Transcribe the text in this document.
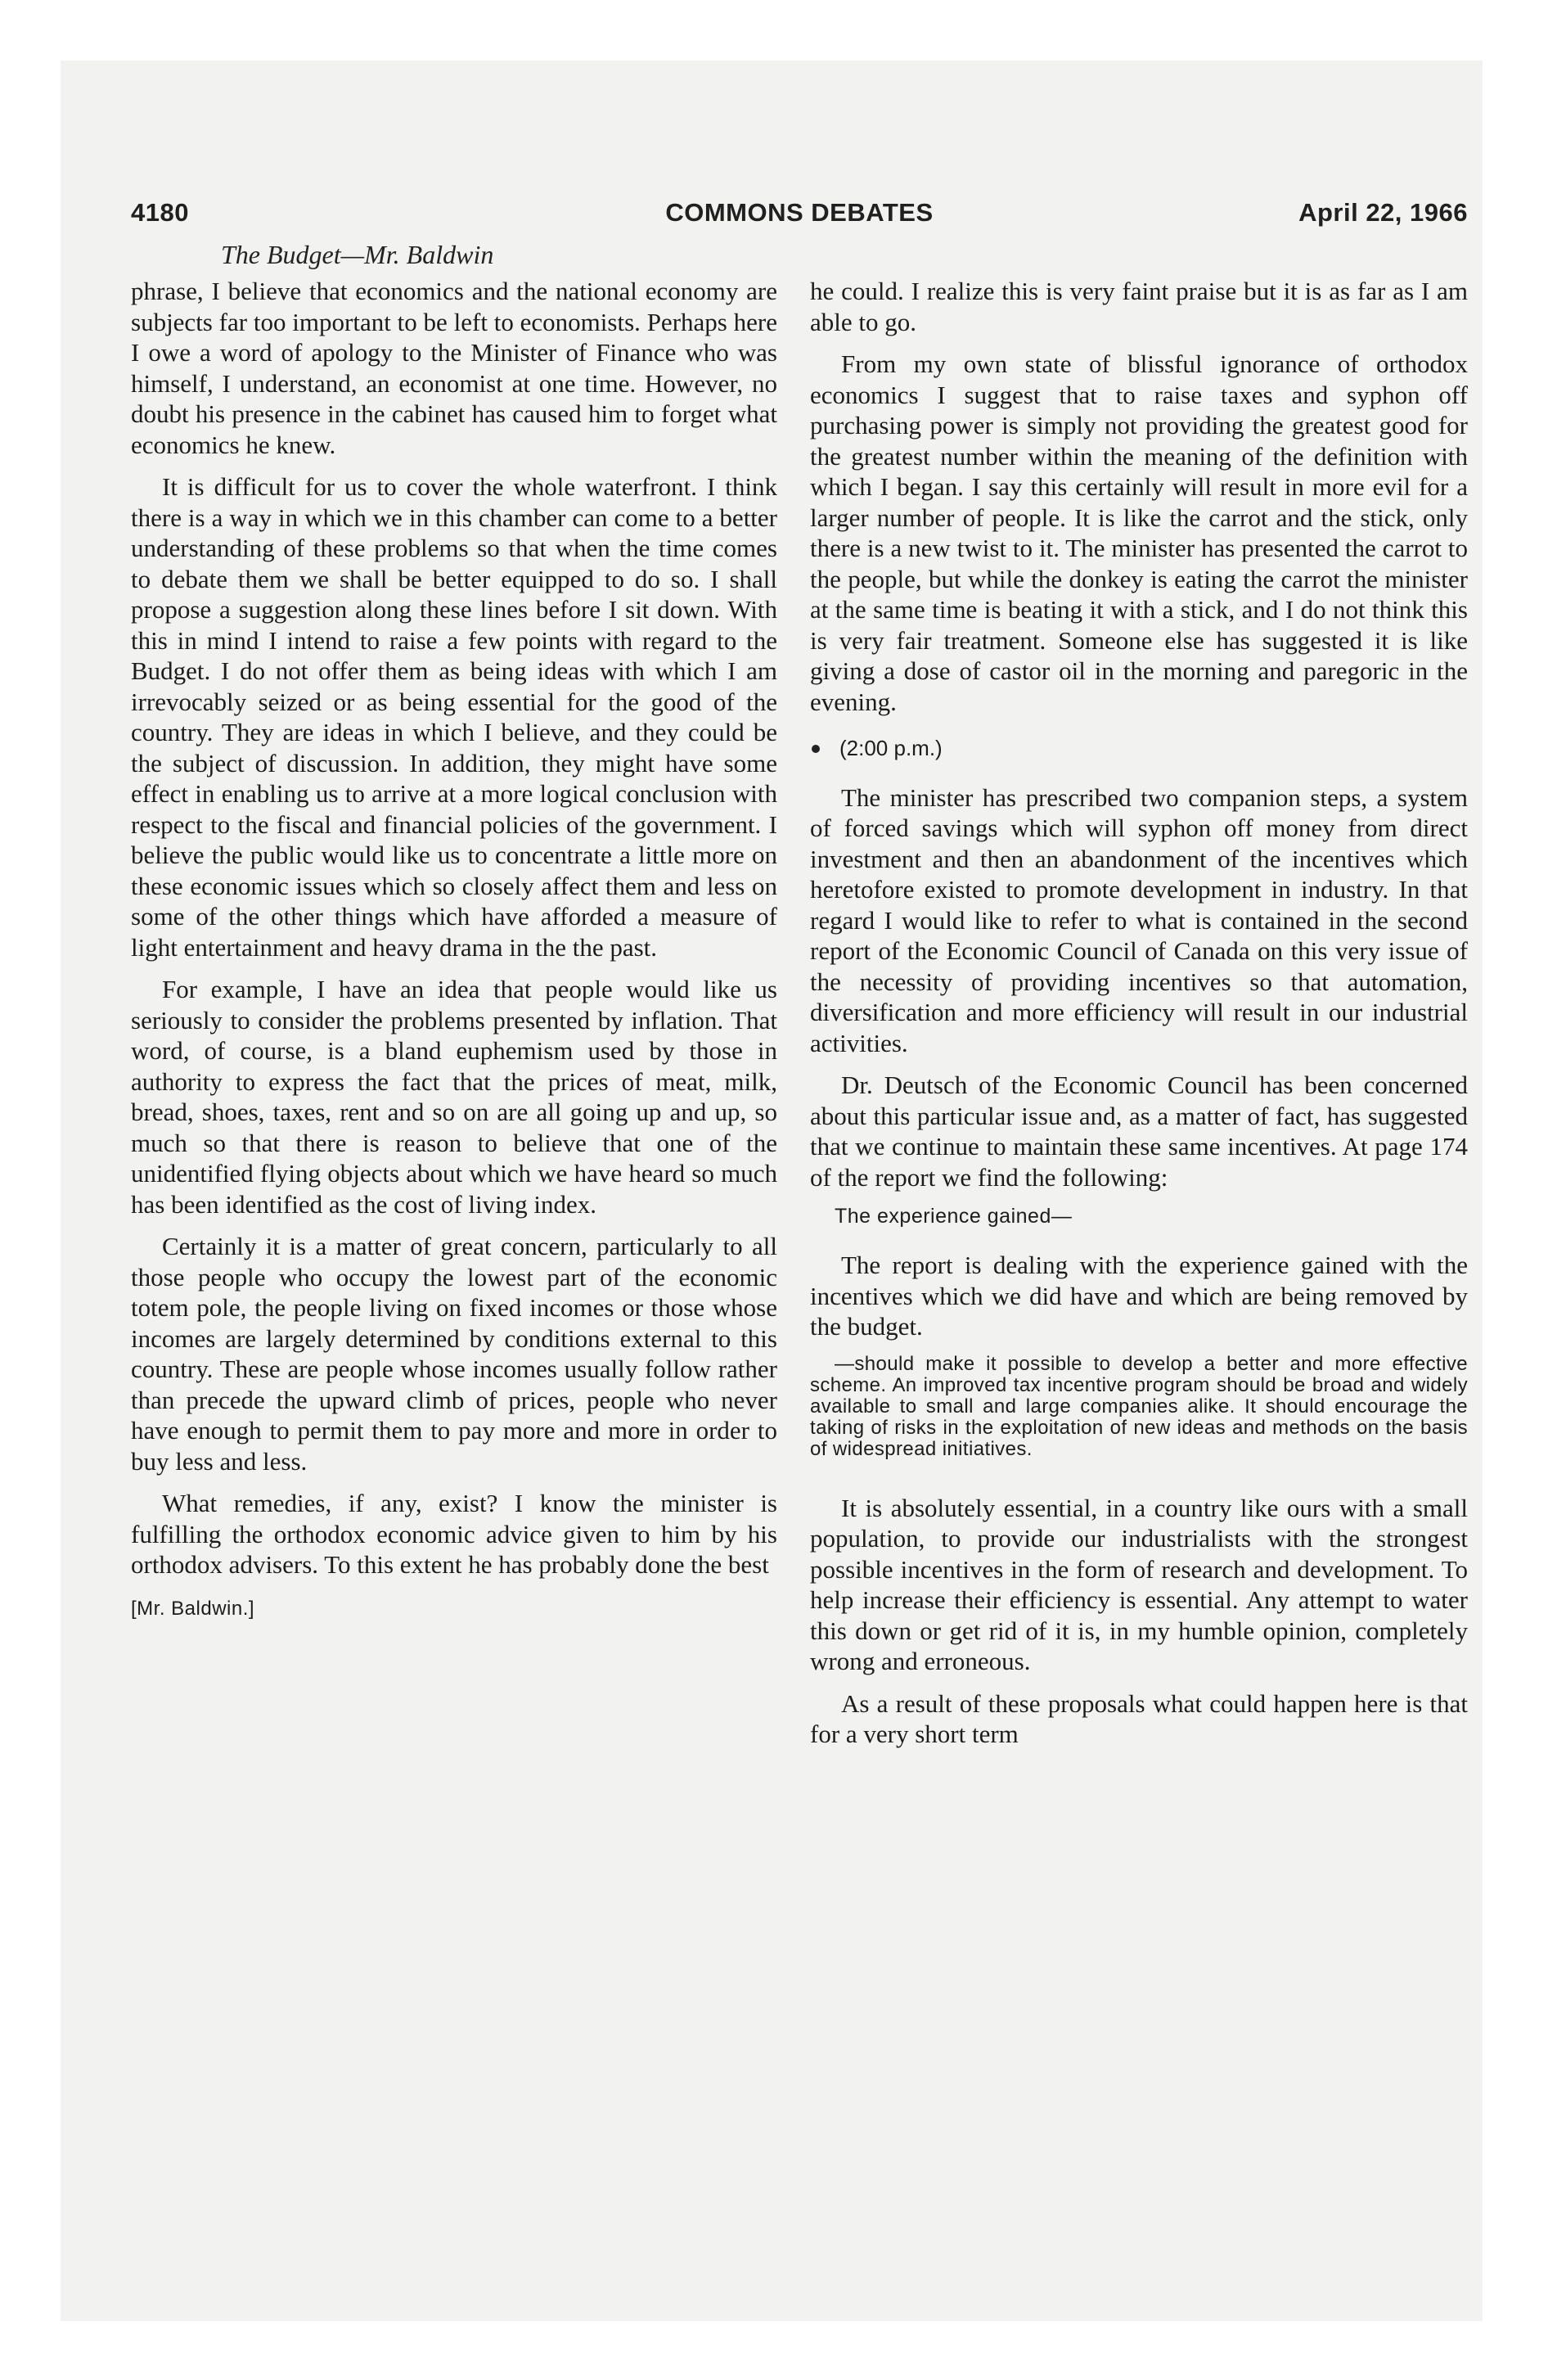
4180	COMMONS DEBATES	April 22, 1966
The Budget—Mr. Baldwin

phrase, I believe that economics and the national economy are subjects far too important to be left to economists. Perhaps here I owe a word of apology to the Minister of Finance who was himself, I understand, an economist at one time. However, no doubt his presence in the cabinet has caused him to forget what economics he knew.

It is difficult for us to cover the whole waterfront. I think there is a way in which we in this chamber can come to a better understanding of these problems so that when the time comes to debate them we shall be better equipped to do so. I shall propose a suggestion along these lines before I sit down. With this in mind I intend to raise a few points with regard to the Budget. I do not offer them as being ideas with which I am irrevocably seized or as being essential for the good of the country. They are ideas in which I believe, and they could be the subject of discussion. In addition, they might have some effect in enabling us to arrive at a more logical conclusion with respect to the fiscal and financial policies of the government. I believe the public would like us to concentrate a little more on these economic issues which so closely affect them and less on some of the other things which have afforded a measure of light entertainment and heavy drama in the the past.

For example, I have an idea that people would like us seriously to consider the problems presented by inflation. That word, of course, is a bland euphemism used by those in authority to express the fact that the prices of meat, milk, bread, shoes, taxes, rent and so on are all going up and up, so much so that there is reason to believe that one of the unidentified flying objects about which we have heard so much has been identified as the cost of living index.

Certainly it is a matter of great concern, particularly to all those people who occupy the lowest part of the economic totem pole, the people living on fixed incomes or those whose incomes are largely determined by conditions external to this country. These are people whose incomes usually follow rather than precede the upward climb of prices, people who never have enough to permit them to pay more and more in order to buy less and less.

What remedies, if any, exist? I know the minister is fulfilling the orthodox economic advice given to him by his orthodox advisers. To this extent he has probably done the best

[Mr. Baldwin.]

he could. I realize this is very faint praise but it is as far as I am able to go.

From my own state of blissful ignorance of orthodox economics I suggest that to raise taxes and syphon off purchasing power is simply not providing the greatest good for the greatest number within the meaning of the definition with which I began. I say this certainly will result in more evil for a larger number of people. It is like the carrot and the stick, only there is a new twist to it. The minister has presented the carrot to the people, but while the donkey is eating the carrot the minister at the same time is beating it with a stick, and I do not think this is very fair treatment. Someone else has suggested it is like giving a dose of castor oil in the morning and paregoric in the evening.

(2:00 p.m.)

The minister has prescribed two companion steps, a system of forced savings which will syphon off money from direct investment and then an abandonment of the incentives which heretofore existed to promote development in industry. In that regard I would like to refer to what is contained in the second report of the Economic Council of Canada on this very issue of the necessity of providing incentives so that automation, diversification and more efficiency will result in our industrial activities.

Dr. Deutsch of the Economic Council has been concerned about this particular issue and, as a matter of fact, has suggested that we continue to maintain these same incentives. At page 174 of the report we find the following:

The experience gained—

The report is dealing with the experience gained with the incentives which we did have and which are being removed by the budget.

—should make it possible to develop a better and more effective scheme. An improved tax incentive program should be broad and widely available to small and large companies alike. It should encourage the taking of risks in the exploitation of new ideas and methods on the basis of widespread initiatives.

It is absolutely essential, in a country like ours with a small population, to provide our industrialists with the strongest possible incentives in the form of research and development. To help increase their efficiency is essential. Any attempt to water this down or get rid of it is, in my humble opinion, completely wrong and erroneous.

As a result of these proposals what could happen here is that for a very short term
